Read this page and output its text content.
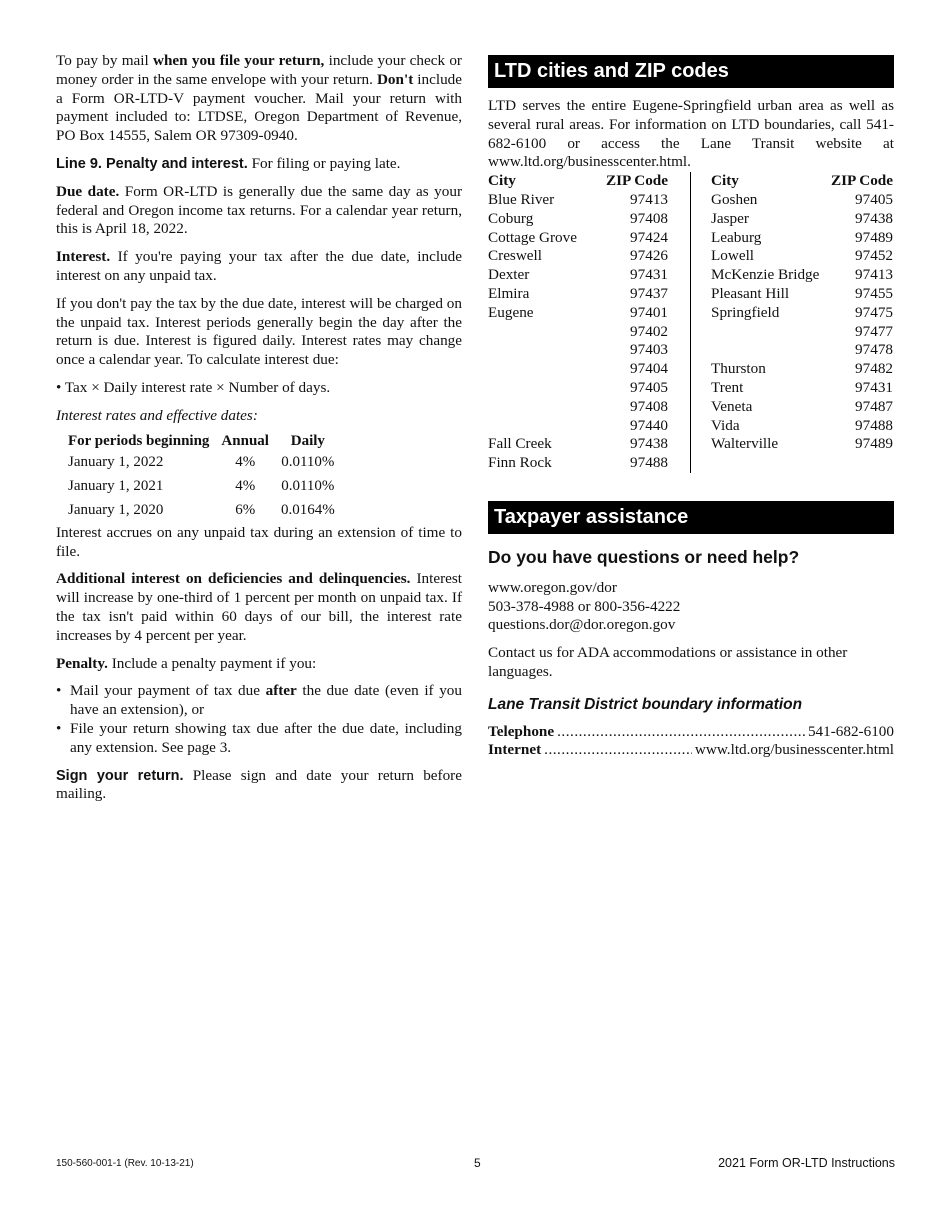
To pay by mail when you file your return, include your check or money order in the same envelope with your return. Don't include a Form OR-LTD-V payment voucher. Mail your return with payment included to: LTDSE, Oregon Department of Revenue, PO Box 14555, Salem OR 97309-0940.

Line 9. Penalty and interest. For filing or paying late.

Due date. Form OR-LTD is generally due the same day as your federal and Oregon income tax returns. For a calendar year return, this is April 18, 2022.

Interest. If you're paying your tax after the due date, include interest on any unpaid tax.

If you don't pay the tax by the due date, interest will be charged on the unpaid tax. Interest periods generally begin the day after the return is due. Interest is figured daily. Interest rates may change once a calendar year. To calculate interest due:

• Tax × Daily interest rate × Number of days.

Interest rates and effective dates:

For periods beginning	Annual	Daily
January 1, 2022	4%	0.0110%
January 1, 2021	4%	0.0110%
January 1, 2020	6%	0.0164%

Interest accrues on any unpaid tax during an extension of time to file.

Additional interest on deficiencies and delinquencies. Interest will increase by one-third of 1 percent per month on unpaid tax. If the tax isn't paid within 60 days of our bill, the interest rate increases by 4 percent per year.

Penalty. Include a penalty payment if you:

• Mail your payment of tax due after the due date (even if you have an extension), or
• File your return showing tax due after the due date, including any extension. See page 3.

Sign your return. Please sign and date your return before mailing.

LTD cities and ZIP codes

LTD serves the entire Eugene-Springfield urban area as well as several rural areas. For information on LTD boundaries, call 541-682-6100 or access the Lane Transit website at www.ltd.org/businesscenter.html.

City	ZIP Code
Blue River	97413
Coburg	97408
Cottage Grove	97424
Creswell	97426
Dexter	97431
Elmira	97437
Eugene	97401
97402
97403
97404
97405
97408
97440
Fall Creek	97438
Finn Rock	97488
City	ZIP Code
Goshen	97405
Jasper	97438
Leaburg	97489
Lowell	97452
McKenzie Bridge 97413
Pleasant Hill	97455
Springfield	97475
97477
97478
Thurston	97482
Trent	97431
Veneta	97487
Vida	97488
Walterville	97489
Taxpayer assistance
Do you have questions or need help?
www.oregon.gov/dor
503-378-4988 or 800-356-4222
questions.dor@dor.oregon.gov

Contact us for ADA accommodations or assistance in other languages.

Lane Transit District boundary information
Telephone .....	541-682-6100
Internet .....	www.ltd.org/businesscenter.html
150-560-001-1 (Rev. 10-13-21)	5	2021 Form OR-LTD Instructions
